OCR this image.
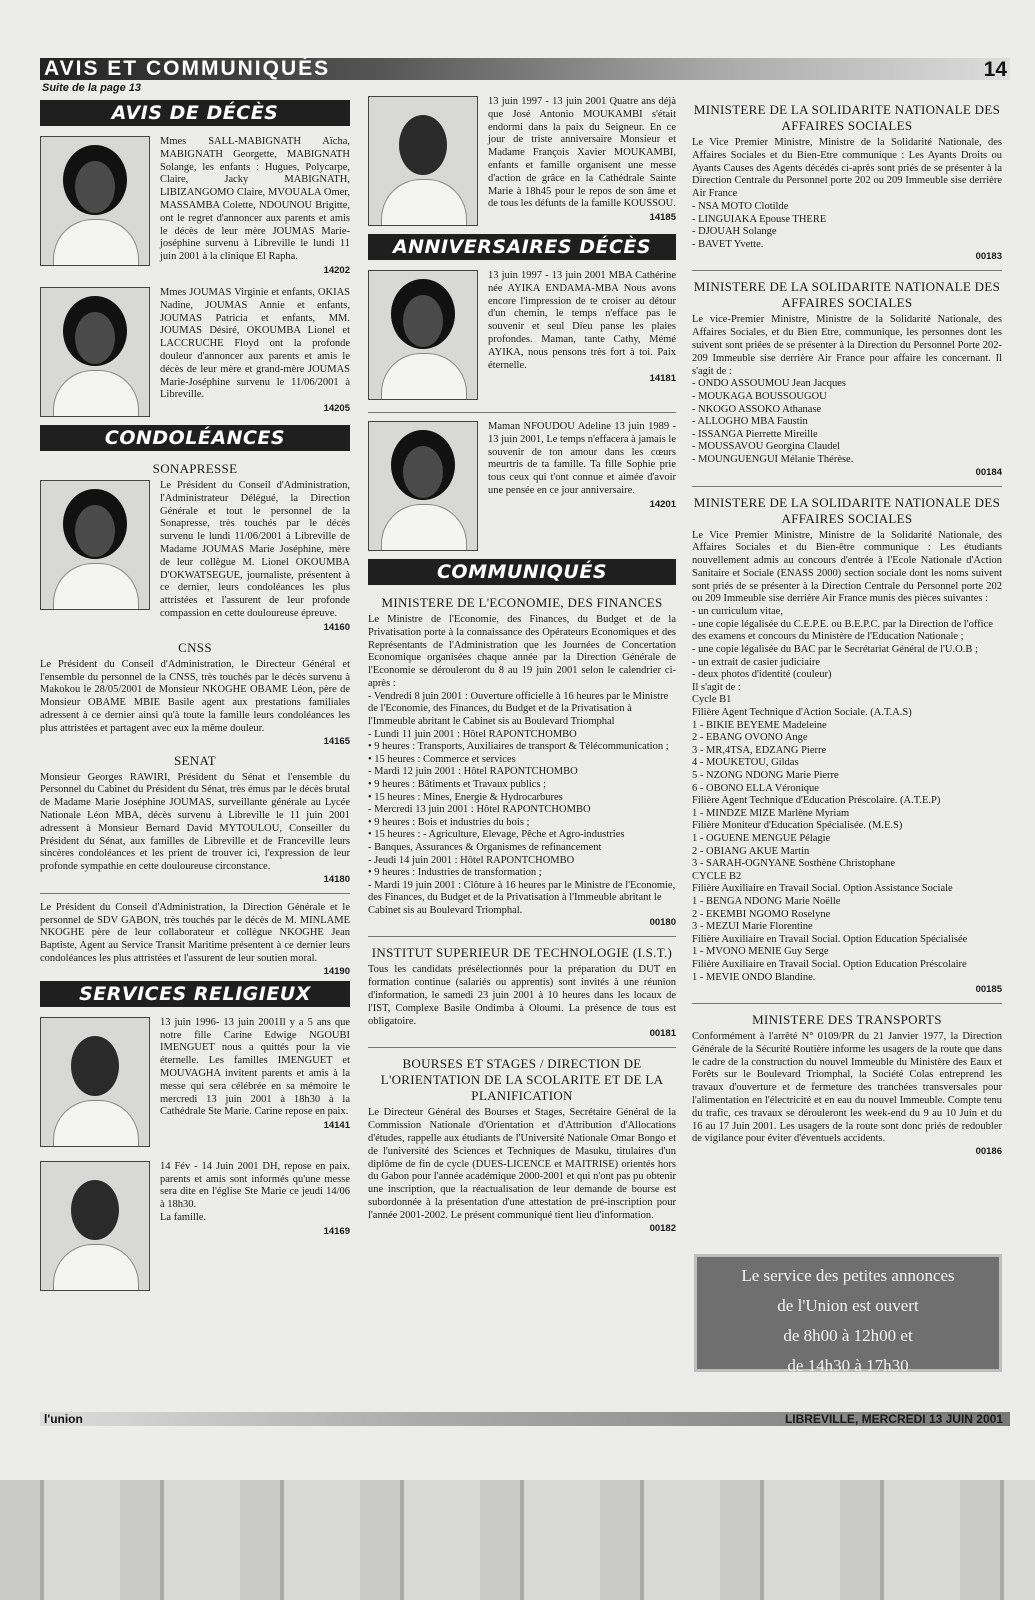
AVIS ET COMMUNIQUÉS	14
Suite de la page 13
AVIS DE DÉCÈS
Mmes SALL-MABIGNATH Aïcha, MABIGNATH Georgette, MABIGNATH Solange, les enfants : Hugues, Polycarpe, Claire, Jacky MABIGNATH, LIBIZANGOMO Claire, MVOUALA Omer, MASSAMBA Colette, NDOUNOU Brigitte, ont le regret d'annoncer aux parents et amis le décès de leur mère JOUMAS Marie-joséphine survenu à Libreville le lundi 11 juin 2001 à la clinique El Rapha.
14202
Mmes JOUMAS Virginie et enfants, OKIAS Nadine, JOUMAS Annie et enfants, JOUMAS Patricia et enfants, MM. JOUMAS Désiré, OKOUMBA Lionel et LACCRUCHE Floyd ont la profonde douleur d'annoncer aux parents et amis le décès de leur mère et grand-mère JOUMAS Marie-Joséphine survenu le 11/06/2001 à Libreville.
14205
CONDOLÉANCES
SONAPRESSE
Le Président du Conseil d'Administration, l'Administrateur Délégué, la Direction Générale et tout le personnel de la Sonapresse, très touchés par le décès survenu le lundi 11/06/2001 à Libreville de Madame JOUMAS Marie Joséphine, mère de leur collègue M. Lionel OKOUMBA D'OKWATSEGUE, journaliste, présentent à ce dernier, leurs condoléances les plus attristées et l'assurent de leur profonde compassion en cette douloureuse épreuve.
14160
CNSS
Le Président du Conseil d'Administration, le Directeur Général et l'ensemble du personnel de la CNSS, très touchés par le décès survenu à Makokou le 28/05/2001 de Monsieur NKOGHE OBAME Léon, père de Monsieur OBAME MBIE Basile agent aux prestations familiales adressent à ce dernier ainsi qu'à toute la famille leurs condoléances les plus attristées et partagent avec eux la même douleur.
14165
SENAT
Monsieur Georges RAWIRI, Président du Sénat et l'ensemble du Personnel du Cabinet du Président du Sénat, très émus par le décès brutal de Madame Marie Joséphine JOUMAS, surveillante générale au Lycée Nationale Léon MBA, décès survenu à Libreville le 11 juin 2001 adressent à Monsieur Bernard David MYTOULOU, Conseiller du Président du Sénat, aux familles de Libreville et de Franceville leurs sincères condoléances et les prient de trouver ici, l'expression de leur profonde sympathie en cette douloureuse circonstance.
14180
Le Président du Conseil d'Administration, la Direction Générale et le personnel de SDV GABON, très touchés par le décès de M. MINLAME NKOGHE père de leur collaborateur et collègue NKOGHE Jean Baptiste, Agent au Service Transit Maritime présentent à ce dernier leurs condoléances les plus attristées et l'assurent de leur soutien moral.
14190
SERVICES RELIGIEUX
13 juin 1996- 13 juin 2001Il y a 5 ans que notre fille Carine Edwige NGOUBI IMENGUET nous a quittés pour la vie éternelle. Les familles IMENGUET et MOUVAGHA invitent parents et amis à la messe qui sera célébrée en sa mémoire le mercredi 13 juin 2001 à 18h30 à la Cathédrale Ste Marie. Carine repose en paix.
14141
14 Fév - 14 Juin 2001 DH, repose en paix. parents et amis sont informés qu'une messe sera dite en l'église Ste Marie ce jeudi 14/06 à 18h30.
La famille.
14169
13 juin 1997 - 13 juin 2001 Quatre ans déjà que José Antonio MOUKAMBI s'était endormi dans la paix du Seigneur. En ce jour de triste anniversaire Monsieur et Madame François Xavier MOUKAMBI, enfants et famille organisent une messe d'action de grâce en la Cathédrale Sainte Marie à 18h45 pour le repos de son âme et de tous les défunts de la famille KOUSSOU.
14185
ANNIVERSAIRES DÉCÈS
13 juin 1997 - 13 juin 2001 MBA Cathérine née AYIKA ENDAMA-MBA Nous avons encore l'impression de te croiser au détour d'un chemin, le temps n'efface pas le souvenir et seul Dieu panse les plaies profondes. Maman, tante Cathy, Mémé AYIKA, nous pensons très fort à toi. Paix éternelle.
14181
Maman NFOUDOU Adeline 13 juin 1989 - 13 juin 2001, Le temps n'effacera à jamais le souvenir de ton amour dans les cœurs meurtris de ta famille. Ta fille Sophie prie tous ceux qui t'ont connue et aimée d'avoir une pensée en ce jour anniversaire.
14201
COMMUNIQUÉS
MINISTERE DE L'ECONOMIE, DES FINANCES
Le Ministre de l'Economie, des Finances, du Budget et de la Privatisation porte à la connaissance des Opérateurs Economiques et des Représentants de l'Administration que les Journées de Concertation Economique organisées chaque année par la Direction Générale de l'Economie se dérouleront du 8 au 19 juin 2001 selon le calendrier ci-après :
- Vendredi 8 juin 2001 : Ouverture officielle à 16 heures par le Ministre de l'Economie, des Finances, du Budget et de la Privatisation à l'Immeuble abritant le Cabinet sis au Boulevard Triomphal
- Lundi 11 juin 2001 : Hôtel RAPONTCHOMBO
• 9 heures : Transports, Auxiliaires de transport & Télécommunication ;
• 15 heures : Commerce et services
- Mardi 12 juin 2001 : Hôtel RAPONTCHOMBO
• 9 heures : Bâtiments et Travaux publics ;
• 15 heures : Mines, Energie & Hydrocarbures
- Mercredi 13 juin 2001 : Hôtel RAPONTCHOMBO
• 9 heures : Bois et industries du bois ;
• 15 heures : - Agriculture, Elevage, Pêche et Agro-industries
- Banques, Assurances & Organismes de refinancement
- Jeudi 14 juin 2001 : Hôtel RAPONTCHOMBO
• 9 heures : Industries de transformation ;
- Mardi 19 juin 2001 : Clôture à 16 heures par le Ministre de l'Economie, des Finances, du Budget et de la Privatisation à l'Immeuble abritant le Cabinet sis au Boulevard Triomphal.
00180
INSTITUT SUPERIEUR DE TECHNOLOGIE (I.S.T.)
Tous les candidats présélectionnés pour la préparation du DUT en formation continue (salariés ou apprentis) sont invités à une réunion d'information, le samedi 23 juin 2001 à 10 heures dans les locaux de l'IST, Complexe Basile Ondimba à Oloumi. La présence de tous est obligatoire.
00181
BOURSES ET STAGES / DIRECTION DE L'ORIENTATION DE LA SCOLARITE ET DE LA PLANIFICATION
Le Directeur Général des Bourses et Stages, Secrétaire Général de la Commission Nationale d'Orientation et d'Attribution d'Allocations d'études, rappelle aux étudiants de l'Université Nationale Omar Bongo et de l'université des Sciences et Techniques de Masuku, titulaires d'un diplôme de fin de cycle (DUES-LICENCE et MAITRISE) orientés hors du Gabon pour l'année académique 2000-2001 et qui n'ont pas pu obtenir une inscription, que la réactualisation de leur demande de bourse est subordonnée à la présentation d'une attestation de pré-inscription pour l'année 2001-2002. Le présent communiqué tient lieu d'information.
00182
MINISTERE DE LA SOLIDARITE NATIONALE DES AFFAIRES SOCIALES
Le Vice Premier Ministre, Ministre de la Solidarité Nationale, des Affaires Sociales et du Bien-Etre communique : Les Ayants Droits ou Ayants Causes des Agents décédés ci-après sont priés de se présenter à la Direction Centrale du Personnel porte 202 ou 209 Immeuble sise derrière Air France
- NSA MOTO Clotilde
- LINGUIAKA Epouse THERE
- DJOUAH Solange
- BAVET Yvette.
00183
MINISTERE DE LA SOLIDARITE NATIONALE DES AFFAIRES SOCIALES
Le vice-Premier Ministre, Ministre de la Solidarité Nationale, des Affaires Sociales, et du Bien Etre, communique, les personnes dont les suivent sont priées de se présenter à la Direction du Personnel Porte 202-209 Immeuble sise derrière Air France pour affaire les concernant. Il s'agit de :
- ONDO ASSOUMOU Jean Jacques
- MOUKAGA BOUSSOUGOU
- NKOGO ASSOKO Athanase
- ALLOGHO MBA Faustin
- ISSANGA Pierrette Mireille
- MOUSSAVOU Georgina Claudel
- MOUNGUENGUI Mélanie Thérèse.
00184
MINISTERE DE LA SOLIDARITE NATIONALE DES AFFAIRES SOCIALES
Le Vice Premier Ministre, Ministre de la Solidarité Nationale, des Affaires Sociales et du Bien-être communique : Les étudiants nouvellement admis au concours d'entrée à l'Ecole Nationale d'Action Sanitaire et Sociale (ENASS 2000) section sociale dont les noms suivent sont priés de se présenter à la Direction Centrale du Personnel porte 202 ou 209 Immeuble sise derrière Air France munis des pièces suivantes :
- un curriculum vitae,
- une copie légalisée du C.E.P.E. ou B.E.P.C. par la Direction de l'office des examens et concours du Ministère de l'Education Nationale ;
- une copie légalisée du BAC par le Secrétariat Général de l'U.O.B ;
- un extrait de casier judiciaire
- deux photos d'identité (couleur)
Il s'agit de :
Cycle B1
Filière Agent Technique d'Action Sociale. (A.T.A.S)
1 - BIKIE BEYEME Madeleine
2 - EBANG OVONO Ange
3 - MR,4TSA, EDZANG Pierre
4 - MOUKETOU, Gildas
5 - NZONG NDONG Marie Pierre
6 - OBONO ELLA Véronique
Filière Agent Technique d'Education Préscolaire. (A.T.E.P)
1 - MINDZE MIZE Marlène Myriam
Filière Moniteur d'Education Spécialisée. (M.E.S)
1 - OGUENE MENGUE Pélagie
2 - OBIANG AKUE Martin
3 - SARAH-OGNYANE Sosthène Christophane
CYCLE B2
Filière Auxiliaire en Travail Social. Option Assistance Sociale
1 - BENGA NDONG Marie Noëlle
2 - EKEMBI NGOMO Roselyne
3 - MEZUI Marie Florentine
Filière Auxiliaire en Travail Social. Option Education Spécialisée
1 - MVONO MENIE Guy Serge
Filière Auxiliaire en Travail Social. Option Education Préscolaire
1 - MEVIE ONDO Blandine.
00185
MINISTERE DES TRANSPORTS
Conformément à l'arrêté N° 0109/PR du 21 Janvier 1977, la Direction Générale de la Sécurité Routière informe les usagers de la route que dans le cadre de la construction du nouvel Immeuble du Ministère des Eaux et Forêts sur le Boulevard Triomphal, la Société Colas entreprend les travaux d'ouverture et de fermeture des tranchées transversales pour l'alimentation en l'électricité et en eau du nouvel Immeuble. Compte tenu du trafic, ces travaux se dérouleront les week-end du 9 au 10 Juin et du 16 au 17 Juin 2001. Les usagers de la route sont donc priés de redoubler de vigilance pour éviter d'éventuels accidents.
00186
Le service des petites annonces
de l'Union est ouvert
de 8h00 à 12h00 et
de 14h30 à 17h30
l'union	LIBREVILLE, MERCREDI 13 JUIN 2001
